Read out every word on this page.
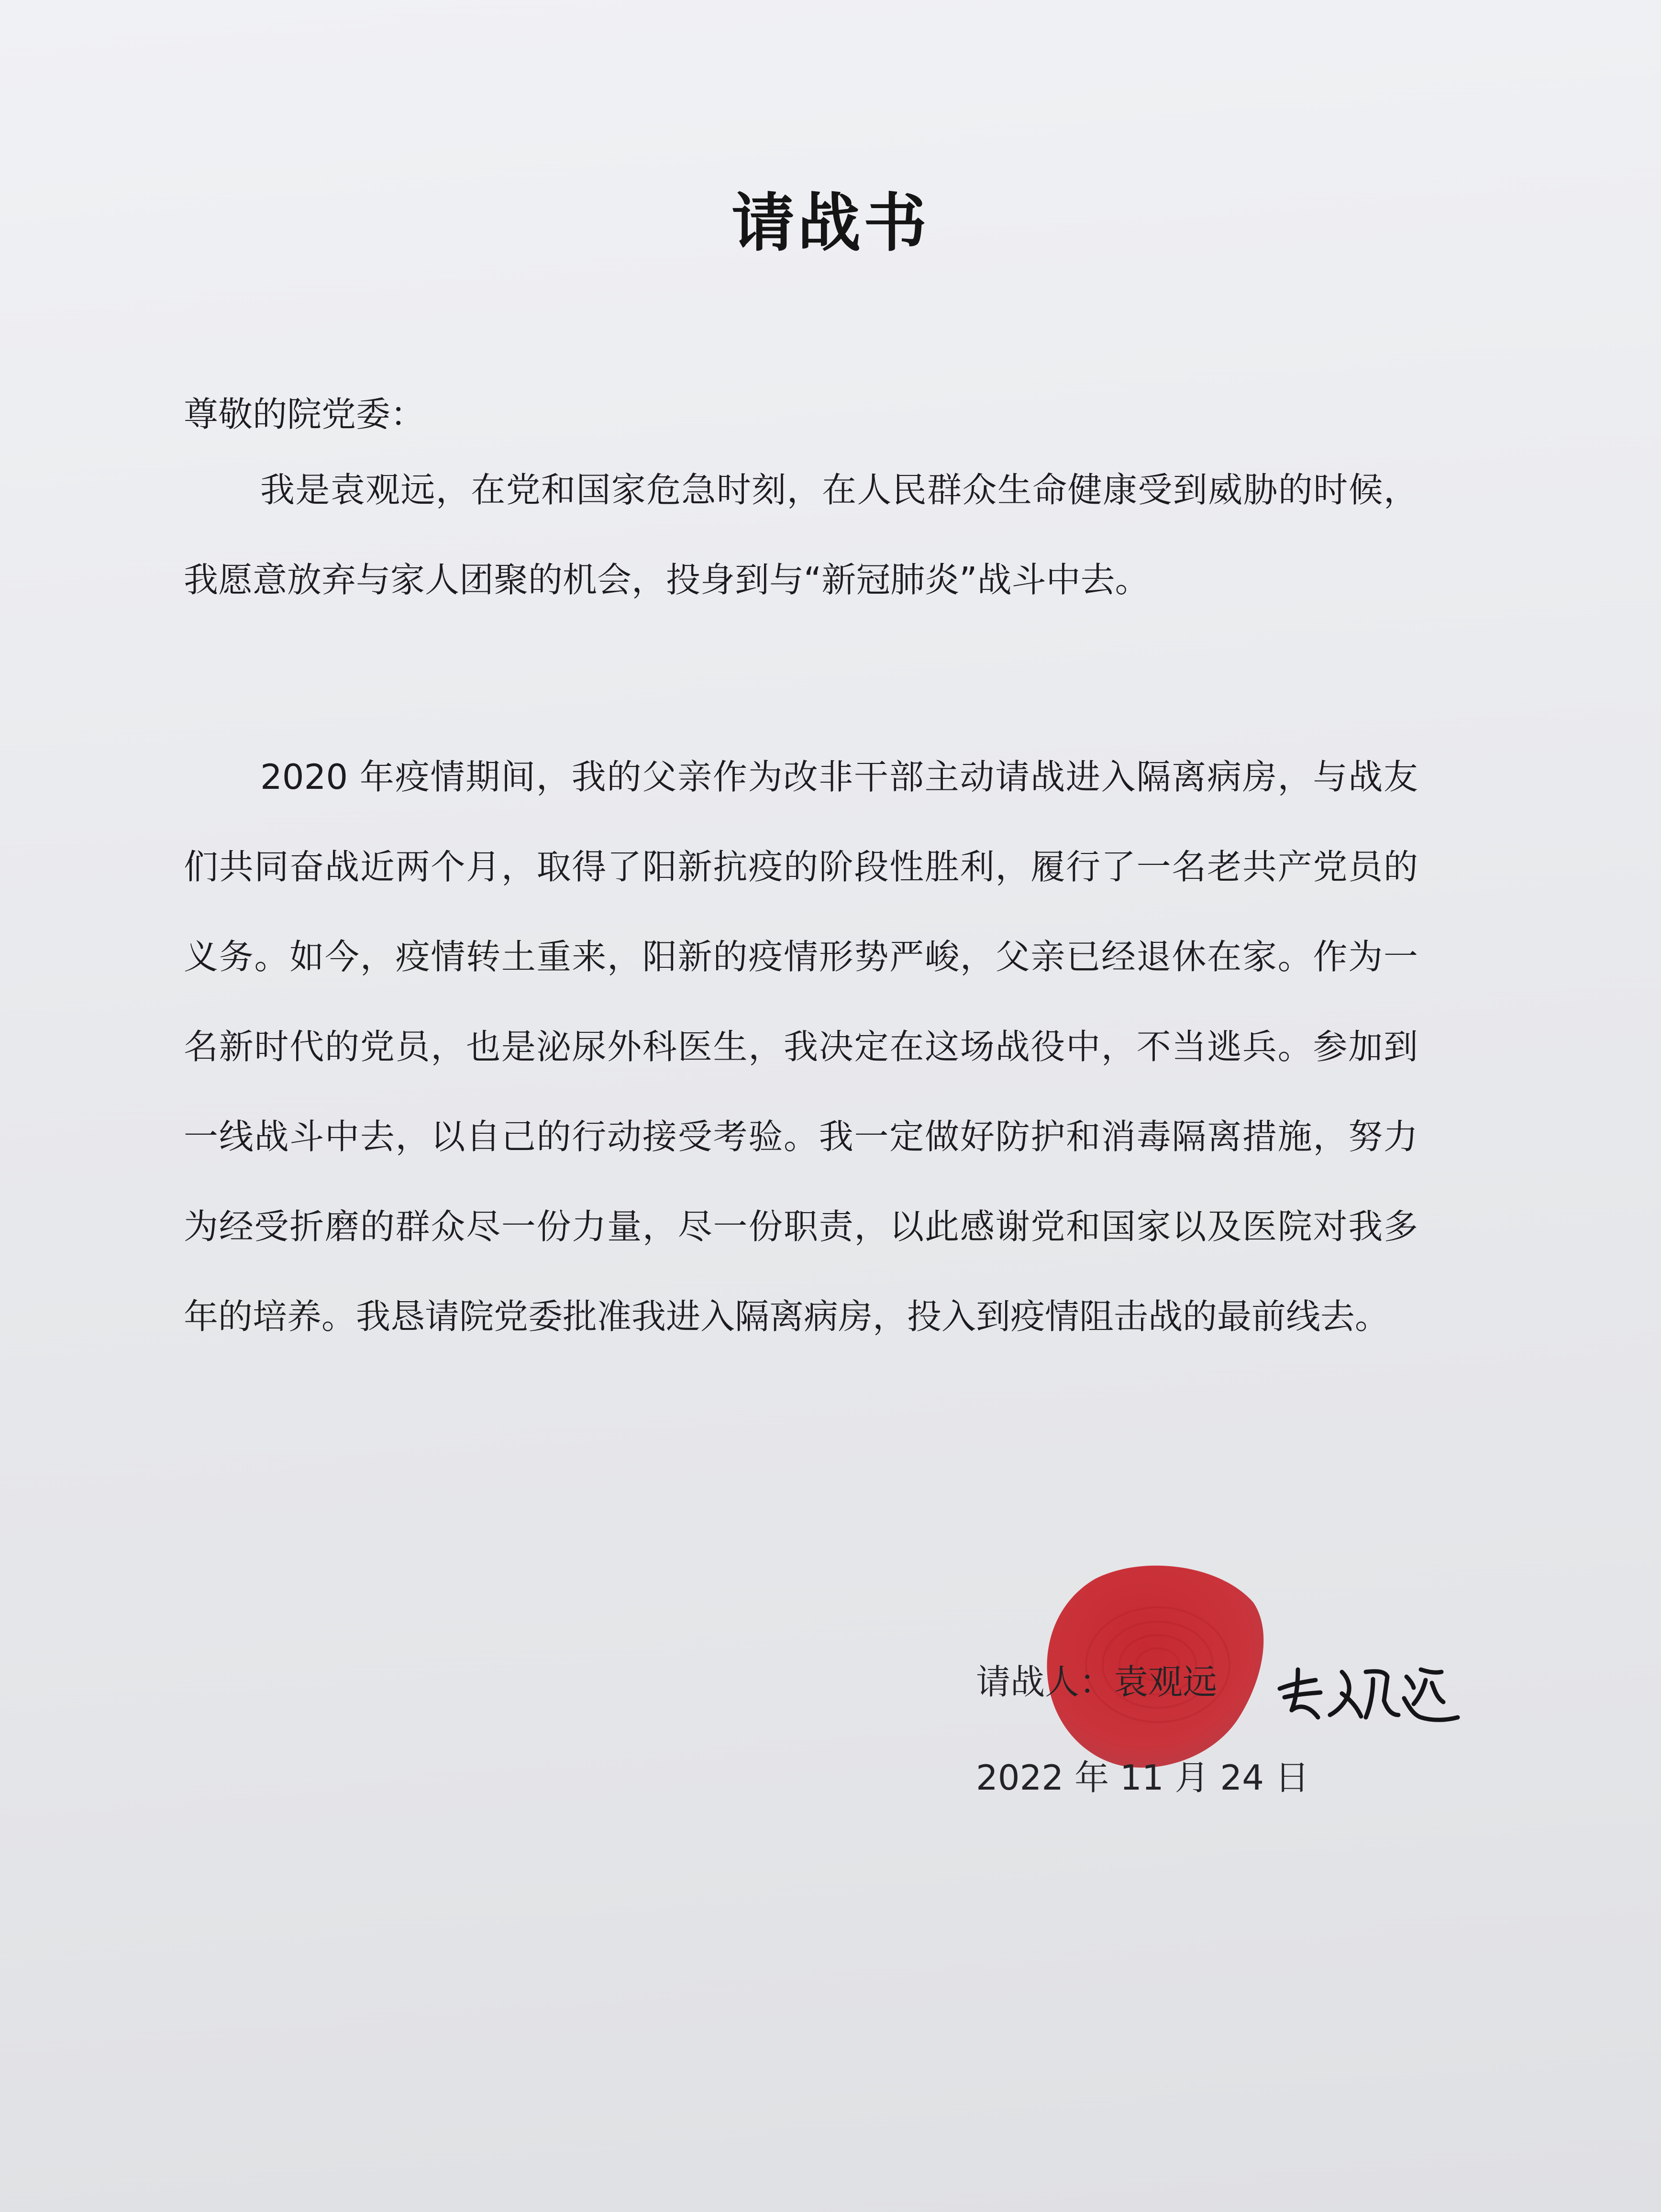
请战书
尊敬的院党委：

我是袁观远，在党和国家危急时刻，在人民群众生命健康受到威胁的时候，我愿意放弃与家人团聚的机会，投身到与“新冠肺炎”战斗中去。

2020 年疫情期间，我的父亲作为改非干部主动请战进入隔离病房，与战友们共同奋战近两个月，取得了阳新抗疫的阶段性胜利，履行了一名老共产党员的义务。如今，疫情转土重来，阳新的疫情形势严峻，父亲已经退休在家。作为一名新时代的党员，也是泌尿外科医生，我决定在这场战役中，不当逃兵。参加到一线战斗中去，以自己的行动接受考验。我一定做好防护和消毒隔离措施，努力为经受折磨的群众尽一份力量，尽一份职责，以此感谢党和国家以及医院对我多年的培养。我恳请院党委批准我进入隔离病房，投入到疫情阻击战的最前线去。

请战人：袁观远
2022 年 11 月 24 日
